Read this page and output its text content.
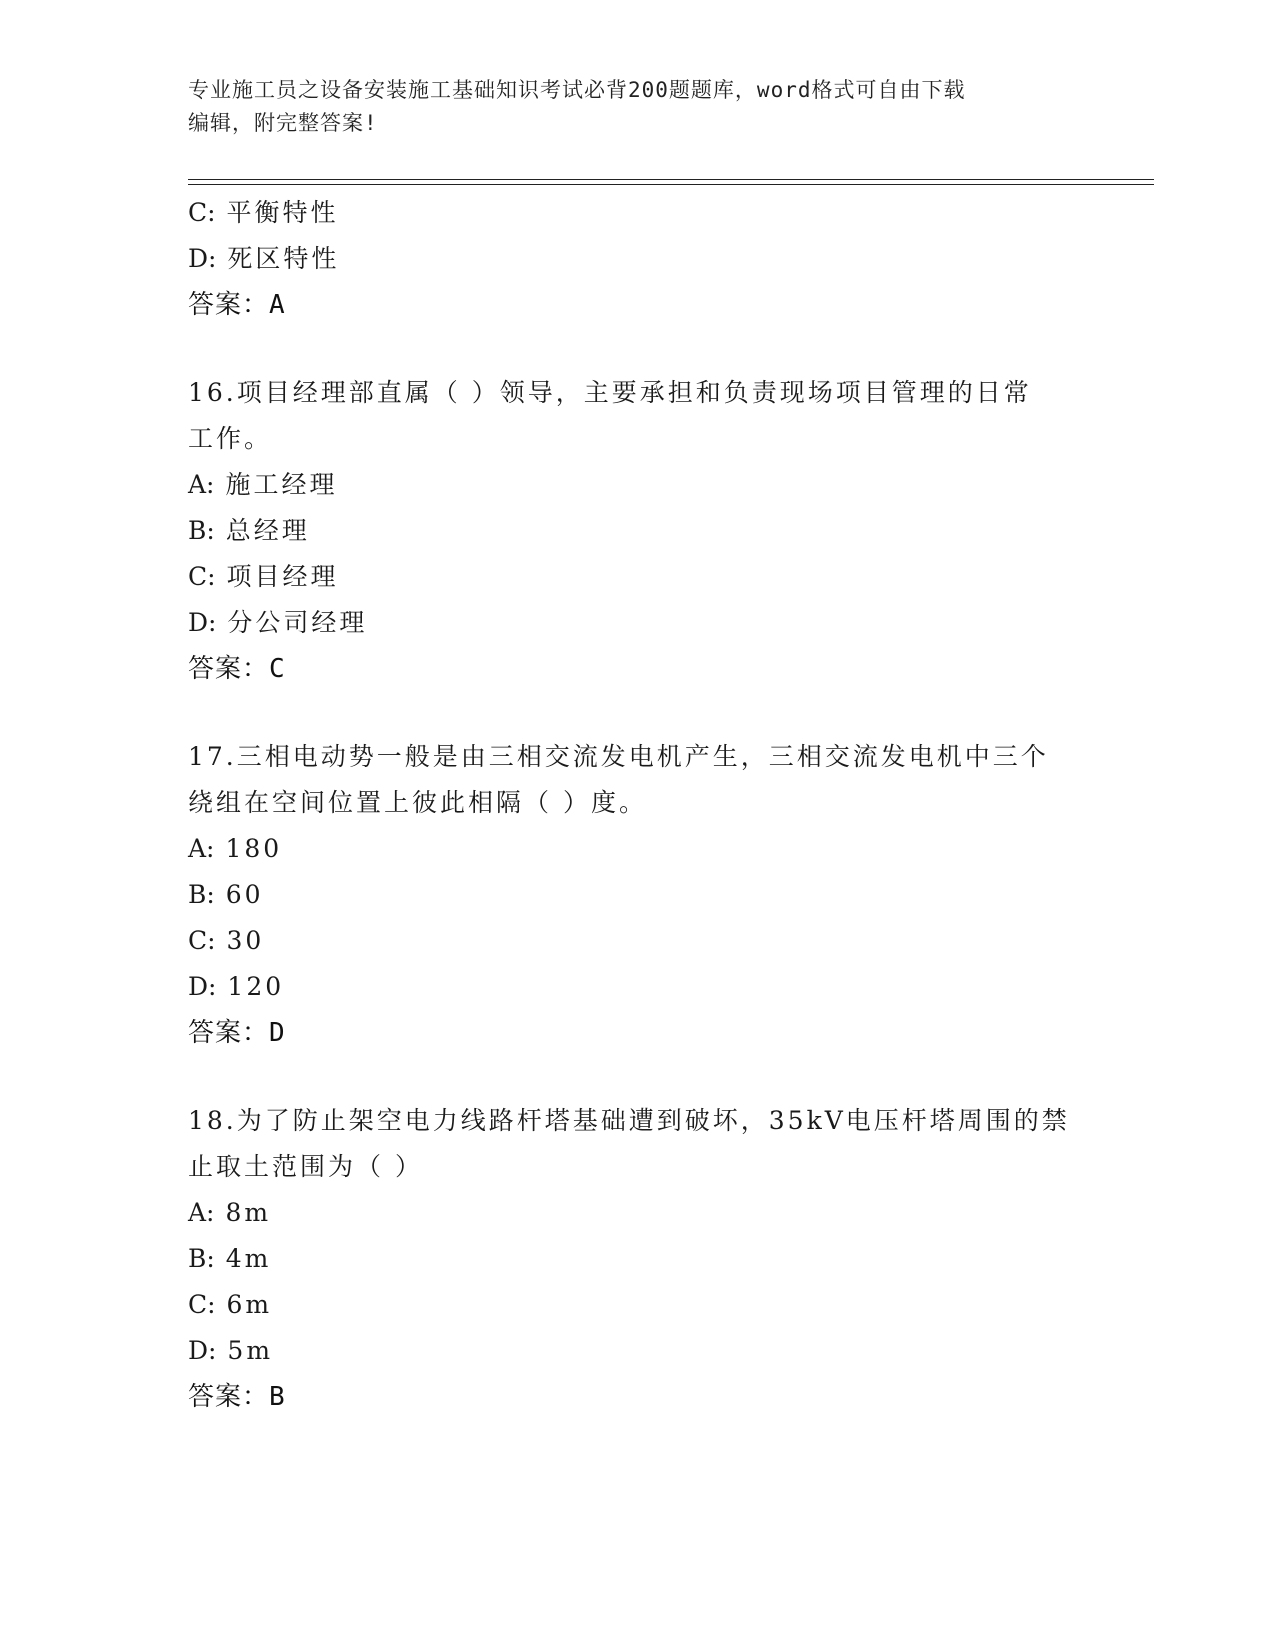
专业施工员之设备安装施工基础知识考试必背200题题库，word格式可自由下载
编辑，附完整答案!
C: 平衡特性
D: 死区特性
答案：A
16.项目经理部直属（ ）领导，主要承担和负责现场项目管理的日常
工作。
A: 施工经理
B: 总经理
C: 项目经理
D: 分公司经理
答案：C
17.三相电动势一般是由三相交流发电机产生，三相交流发电机中三个
绕组在空间位置上彼此相隔（ ）度。
A: 180
B: 60
C: 30
D: 120
答案：D
18.为了防止架空电力线路杆塔基础遭到破坏，35kV电压杆塔周围的禁
止取土范围为（ ）
A: 8m
B: 4m
C: 6m
D: 5m
答案：B
